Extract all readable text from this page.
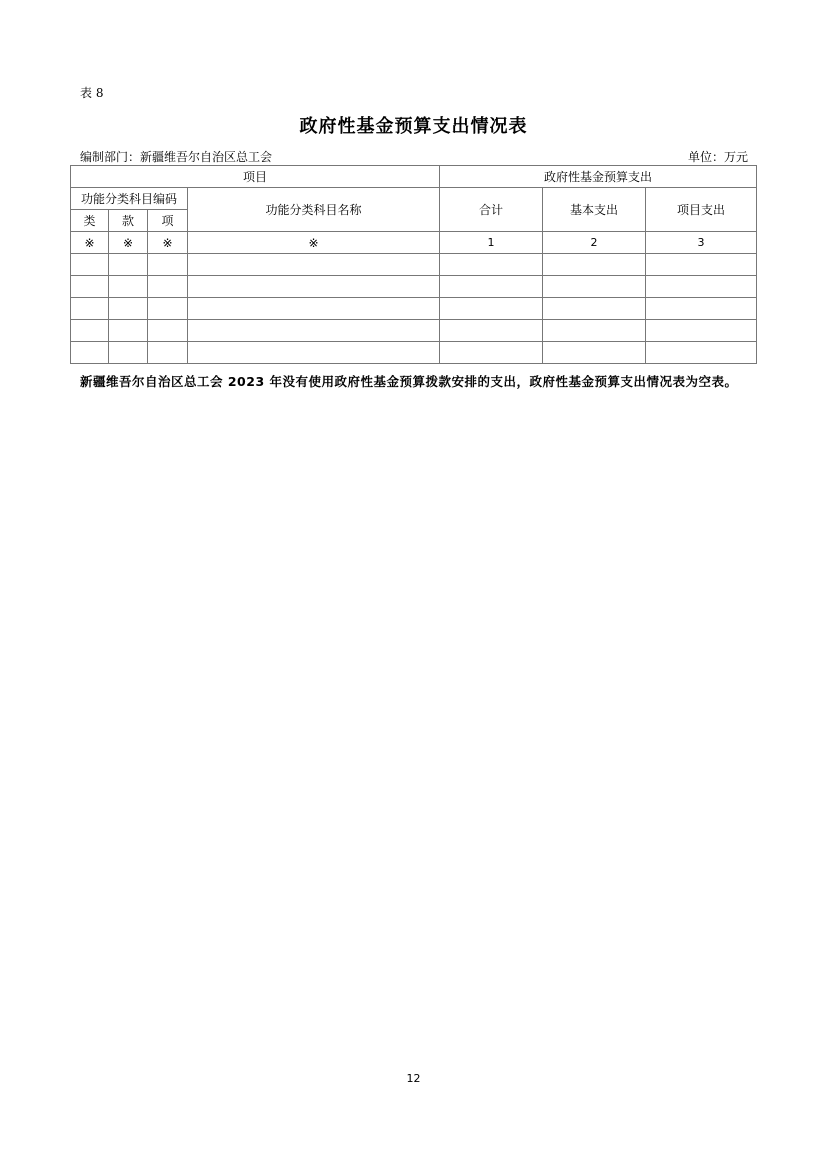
表 8
政府性基金预算支出情况表
编制部门：新疆维吾尔自治区总工会	单位：万元
项目				政府性基金预算支出		
功能分类科目编码			功能分类科目名称	合计	基本支出	项目支出
类	款	项				
※	※	※	※	1	2	3

新疆维吾尔自治区总工会 2023 年没有使用政府性基金预算拨款安排的支出，政府性基金预算支出情况表为空表。
12
